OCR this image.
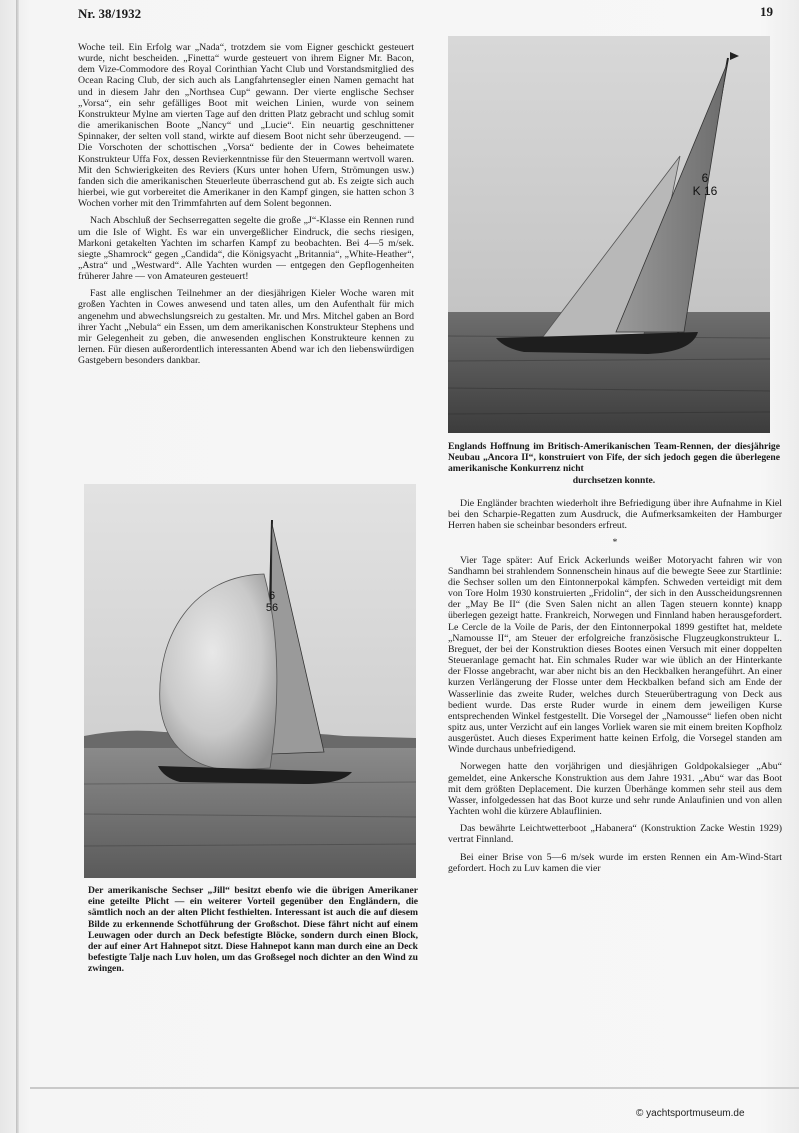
Nr. 38/1932	19

Woche teil. Ein Erfolg war „Nada“, trotzdem sie vom Eigner geschickt gesteuert wurde, nicht bescheiden. „Finetta“ wurde gesteuert von ihrem Eigner Mr. Bacon, dem Vize-Commodore des Royal Corinthian Yacht Club und Vorstandsmitglied des Ocean Racing Club, der sich auch als Langfahrtensegler einen Namen gemacht hat und in diesem Jahr den „Northsea Cup“ gewann. Der vierte englische Sechser „Vorsa“, ein sehr gefälliges Boot mit weichen Linien, wurde von seinem Konstrukteur Mylne am vierten Tage auf den dritten Platz gebracht und schlug somit die amerikanischen Boote „Nancy“ und „Lucie“. Ein neuartig geschnittener Spinnaker, der selten voll stand, wirkte auf diesem Boot nicht sehr überzeugend. — Die Vorschoten der schottischen „Vorsa“ bediente der in Cowes beheimatete Konstrukteur Uffa Fox, dessen Revierkenntnisse für den Steuermann wertvoll waren. Mit den Schwierigkeiten des Reviers (Kurs unter hohen Ufern, Strömungen usw.) fanden sich die amerikanischen Steuerleute überraschend gut ab. Es zeigte sich auch hierbei, wie gut vorbereitet die Amerikaner in den Kampf gingen, sie hatten schon 3 Wochen vorher mit den Trimmfahrten auf dem Solent begonnen.

Nach Abschluß der Sechserregatten segelte die große „J“-Klasse ein Rennen rund um die Isle of Wight. Es war ein unvergeßlicher Eindruck, die sechs riesigen, Markoni getakelten Yachten im scharfen Kampf zu beobachten. Bei 4—5 m/sek. siegte „Shamrock“ gegen „Candida“, die Königsyacht „Britannia“, „White-Heather“, „Astra“ und „Westward“. Alle Yachten wurden — entgegen den Gepflogenheiten früherer Jahre — von Amateuren gesteuert!

Fast alle englischen Teilnehmer an der diesjährigen Kieler Woche waren mit großen Yachten in Cowes anwesend und taten alles, um den Aufenthalt für mich angenehm und abwechslungsreich zu gestalten. Mr. und Mrs. Mitchel gaben an Bord ihrer Yacht „Nebula“ ein Essen, um dem amerikanischen Konstrukteur Stephens und mir Gelegenheit zu geben, die anwesenden englischen Konstrukteure kennen zu lernen. Für diesen außerordentlich interessanten Abend war ich den liebenswürdigen Gastgebern besonders dankbar.

6
K 16
Englands Hoffnung im Britisch-Amerikanischen Team-Rennen, der diesjährige Neubau „Ancora II“, konstruiert von Fife, der sich jedoch gegen die überlegene amerikanische Konkurrenz nicht
durchsetzen konnte.
6
56
Der amerikanische Sechser „Jill“ besitzt ebenfo wie die übrigen Amerikaner eine geteilte Plicht — ein weiterer Vorteil gegenüber den Engländern, die sämtlich noch an der alten Plicht festhielten. Interessant ist auch die auf diesem Bilde zu erkennende Schotführung der Großschot. Diese fährt nicht auf einem Leuwagen oder durch an Deck befestigte Blöcke, sondern durch einen Block, der auf einer Art Hahnepot sitzt. Diese Hahnepot kann man durch eine an Deck befestigte Talje nach Luv holen, um das Großsegel noch dichter an den Wind zu zwingen.

Die Engländer brachten wiederholt ihre Befriedigung über ihre Aufnahme in Kiel bei den Scharpie-Regatten zum Ausdruck, die Aufmerksamkeiten der Hamburger Herren haben sie scheinbar besonders erfreut.

*

Vier Tage später: Auf Erick Ackerlunds weißer Motoryacht fahren wir von Sandhamn bei strahlendem Sonnenschein hinaus auf die bewegte Seee zur Startlinie: die Sechser sollen um den Eintonnerpokal kämpfen. Schweden verteidigt mit dem von Tore Holm 1930 konstruierten „Fridolin“, der sich in den Ausscheidungsrennen der „May Be II“ (die Sven Salen nicht an allen Tagen steuern konnte) knapp überlegen gezeigt hatte. Frankreich, Norwegen und Finnland haben herausgefordert. Le Cercle de la Voile de Paris, der den Eintonnerpokal 1899 gestiftet hat, meldete „Namousse II“, am Steuer der erfolgreiche französische Flugzeugkonstrukteur L. Breguet, der bei der Konstruktion dieses Bootes einen Versuch mit einer doppelten Steueranlage gemacht hat. Ein schmales Ruder war wie üblich an der Hinterkante der Flosse angebracht, war aber nicht bis an den Heckbalken herangeführt. An einer kurzen Verlängerung der Flosse unter dem Heckbalken befand sich am Ende der Wasserlinie das zweite Ruder, welches durch Steuerübertragung von Deck aus bedient wurde. Das erste Ruder wurde in einem dem jeweiligen Kurse entsprechenden Winkel festgestellt. Die Vorsegel der „Namousse“ liefen oben nicht spitz aus, unter Verzicht auf ein langes Vorliek waren sie mit einem breiten Kopfholz ausgerüstet. Auch dieses Experiment hatte keinen Erfolg, die Vorsegel standen am Winde durchaus unbefriedigend.

Norwegen hatte den vorjährigen und diesjährigen Goldpokalsieger „Abu“ gemeldet, eine Ankersche Konstruktion aus dem Jahre 1931. „Abu“ war das Boot mit dem größten Deplacement. Die kurzen Überhänge kommen sehr steil aus dem Wasser, infolgedessen hat das Boot kurze und sehr runde Anlaufinien und von allen Yachten wohl die kürzere Ablauflinien.

Das bewährte Leichtwetterboot „Habanera“ (Konstruktion Zacke Westin 1929) vertrat Finnland.

Bei einer Brise von 5—6 m/sek wurde im ersten Rennen ein Am-Wind-Start gefordert. Hoch zu Luv kamen die vier

© yachtsportmuseum.de
